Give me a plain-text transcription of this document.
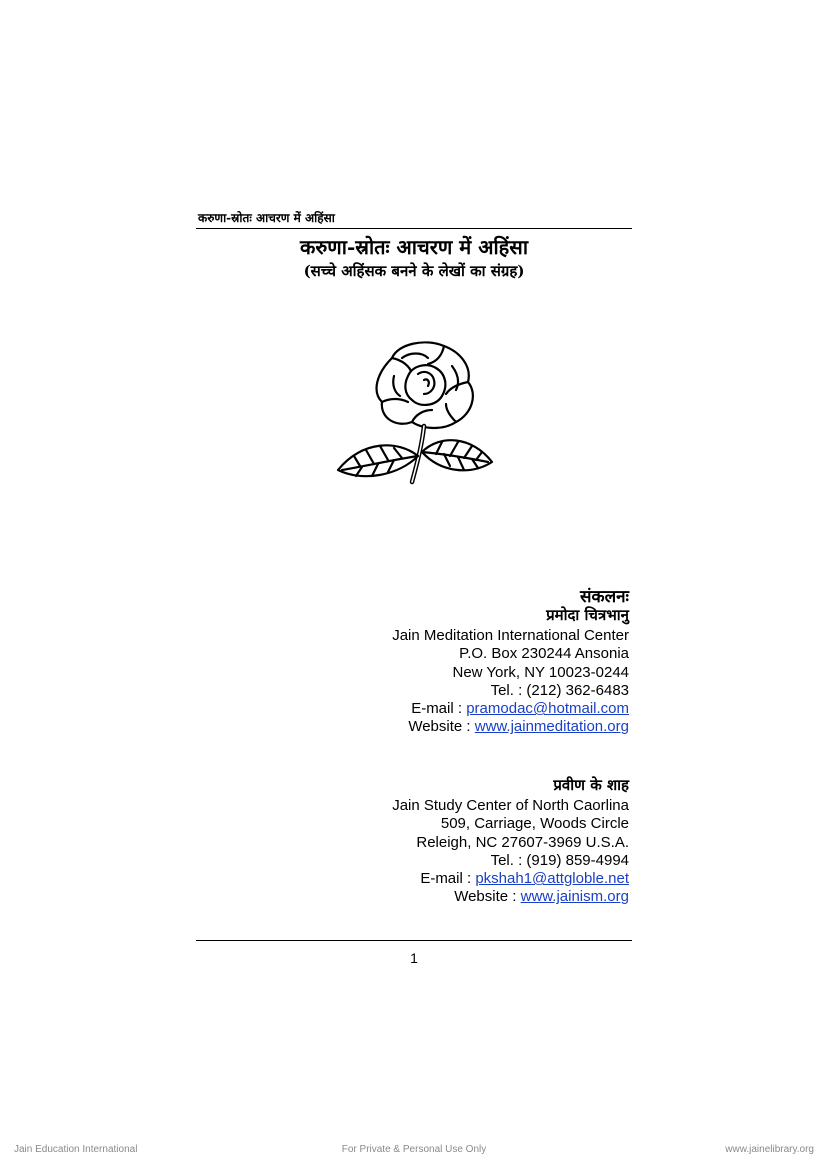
करुणा-स्रोतः आचरण में अहिंसा
करुणा-स्रोतः आचरण में अहिंसा
(सच्चे अहिंसक बनने के लेखों का संग्रह)
संकलनः
प्रमोदा चित्रभानु
Jain Meditation International Center
P.O. Box 230244 Ansonia
New York, NY 10023-0244
Tel. : (212) 362-6483
E-mail : pramodac@hotmail.com
Website : www.jainmeditation.org
प्रवीण के शाह
Jain Study Center of North Caorlina
509, Carriage, Woods Circle
Releigh, NC 27607-3969 U.S.A.
Tel. : (919) 859-4994
E-mail : pkshah1@attgloble.net
Website : www.jainism.org
1
Jain Education International	For Private & Personal Use Only	www.jainelibrary.org
